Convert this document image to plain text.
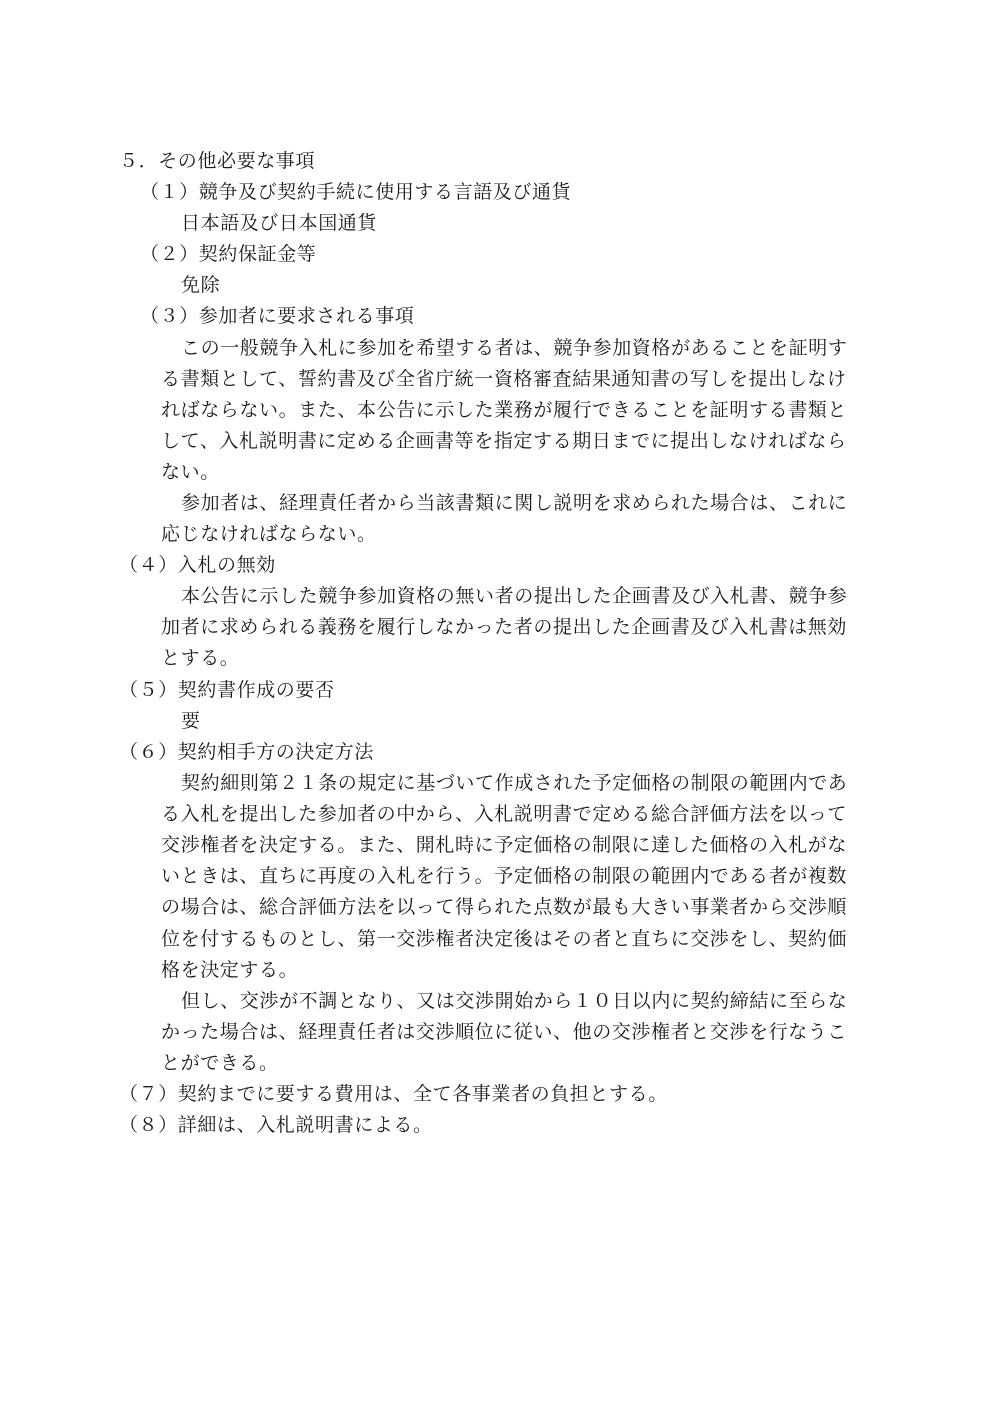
５．その他必要な事項
（１）競争及び契約手続に使用する言語及び通貨
日本語及び日本国通貨
（２）契約保証金等
免除
（３）参加者に要求される事項
この一般競争入札に参加を希望する者は、競争参加資格があることを証明す
る書類として、誓約書及び全省庁統一資格審査結果通知書の写しを提出しなけ
ればならない。また、本公告に示した業務が履行できることを証明する書類と
して、入札説明書に定める企画書等を指定する期日までに提出しなければなら
ない。
参加者は、経理責任者から当該書類に関し説明を求められた場合は、これに
応じなければならない。
（４）入札の無効
本公告に示した競争参加資格の無い者の提出した企画書及び入札書、競争参
加者に求められる義務を履行しなかった者の提出した企画書及び入札書は無効
とする。
（５）契約書作成の要否
要
（６）契約相手方の決定方法
契約細則第２１条の規定に基づいて作成された予定価格の制限の範囲内であ
る入札を提出した参加者の中から、入札説明書で定める総合評価方法を以って
交渉権者を決定する。また、開札時に予定価格の制限に達した価格の入札がな
いときは、直ちに再度の入札を行う。予定価格の制限の範囲内である者が複数
の場合は、総合評価方法を以って得られた点数が最も大きい事業者から交渉順
位を付するものとし、第一交渉権者決定後はその者と直ちに交渉をし、契約価
格を決定する。
但し、交渉が不調となり、又は交渉開始から１０日以内に契約締結に至らな
かった場合は、経理責任者は交渉順位に従い、他の交渉権者と交渉を行なうこ
とができる。
（７）契約までに要する費用は、全て各事業者の負担とする。
（８）詳細は、入札説明書による。
